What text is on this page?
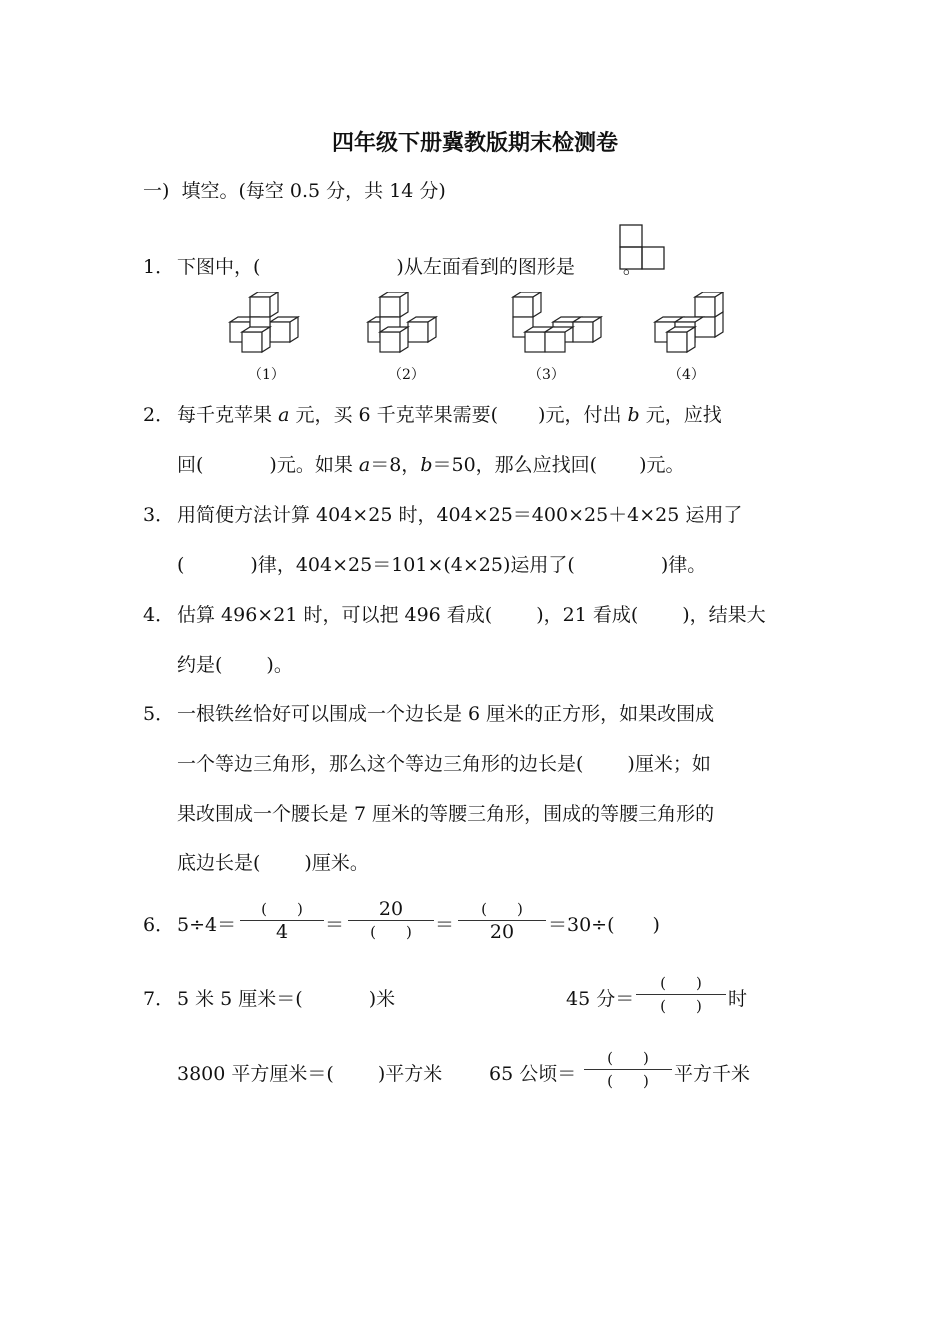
四年级下册冀教版期末检测卷
一) 填空。(每空 0.5 分，共 14 分)
1． 下图中，(	)从左面看到的图形是	。
（1）	（2）	（3）	（4）
2． 每千克苹果 a 元，买 6 千克苹果需要( )元，付出 b 元，应找
回(	)元。如果 a＝8，b＝50，那么应找回( )元。
3． 用简便方法计算 404×25 时，404×25＝400×25＋4×25 运用了
(	)律，404×25＝101×(4×25)运用了(	)律。
4． 估算 496×21 时，可以把 496 看成( )，21 看成( )，结果大
约是( )。
5． 一根铁丝恰好可以围成一个边长是 6 厘米的正方形，如果改围成
一个等边三角形，那么这个等边三角形的边长是( )厘米；如
果改围成一个腰长是 7 厘米的等腰三角形，围成的等腰三角形的
底边长是( )厘米。
6． 5÷4＝
(　　)
4	＝
20
(　　)	＝
(　　)
20	＝30÷(　　)
7． 5 米 5 厘米＝(	)米	45 分＝
(　　)
(　　)	时
3800 平方厘米＝( )平方米 65 公顷＝
(　　)
(　　)	平方千米
